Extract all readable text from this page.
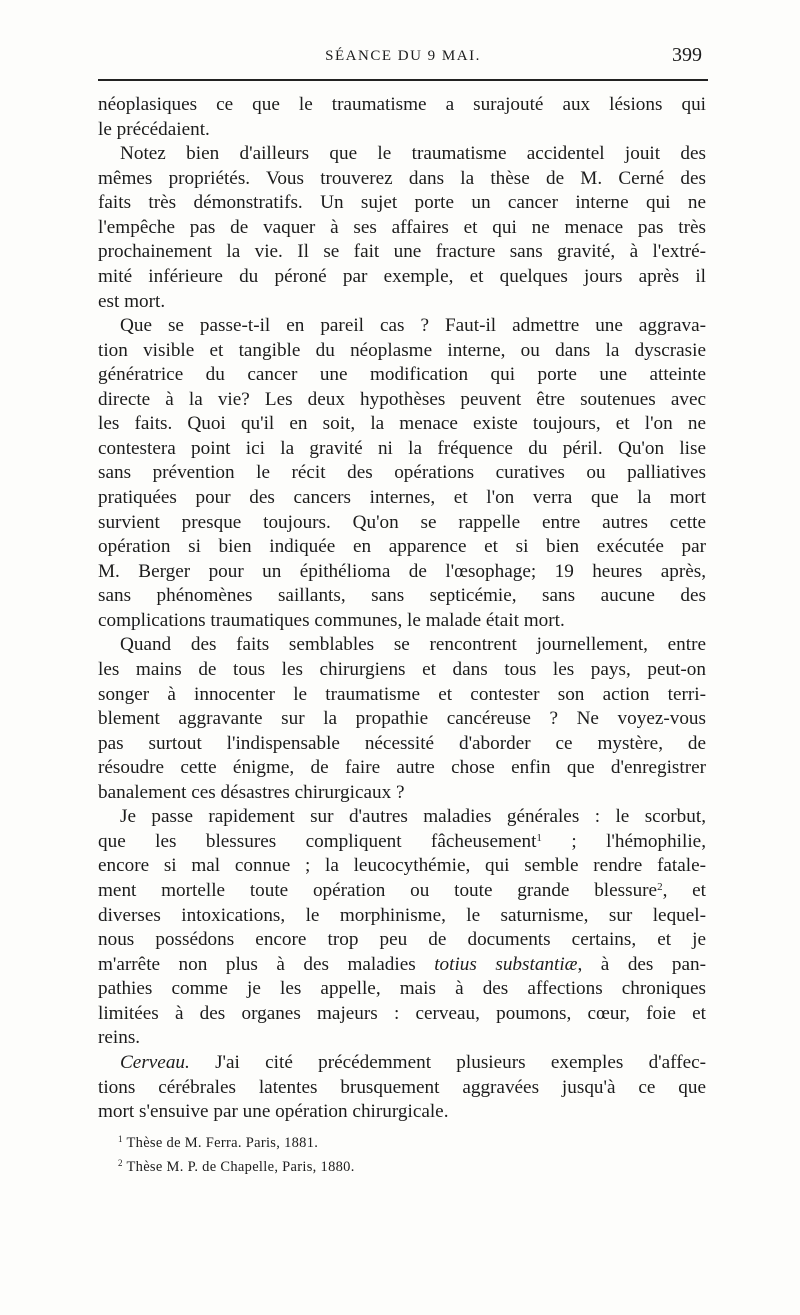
SÉANCE DU 9 MAI.	399
néoplasiques ce que le traumatisme a surajouté aux lésions qui
le précédaient.
Notez bien d'ailleurs que le traumatisme accidentel jouit des
mêmes propriétés. Vous trouverez dans la thèse de M. Cerné des
faits très démonstratifs. Un sujet porte un cancer interne qui ne
l'empêche pas de vaquer à ses affaires et qui ne menace pas très
prochainement la vie. Il se fait une fracture sans gravité, à l'extré-
mité inférieure du péroné par exemple, et quelques jours après il
est mort.
Que se passe-t-il en pareil cas ? Faut-il admettre une aggrava-
tion visible et tangible du néoplasme interne, ou dans la dyscrasie
génératrice du cancer une modification qui porte une atteinte
directe à la vie? Les deux hypothèses peuvent être soutenues avec
les faits. Quoi qu'il en soit, la menace existe toujours, et l'on ne
contestera point ici la gravité ni la fréquence du péril. Qu'on lise
sans prévention le récit des opérations curatives ou palliatives
pratiquées pour des cancers internes, et l'on verra que la mort
survient presque toujours. Qu'on se rappelle entre autres cette
opération si bien indiquée en apparence et si bien exécutée par
M. Berger pour un épithélioma de l'œsophage; 19 heures après,
sans phénomènes saillants, sans septicémie, sans aucune des
complications traumatiques communes, le malade était mort.
Quand des faits semblables se rencontrent journellement, entre
les mains de tous les chirurgiens et dans tous les pays, peut-on
songer à innocenter le traumatisme et contester son action terri-
blement aggravante sur la propathie cancéreuse ? Ne voyez-vous
pas surtout l'indispensable nécessité d'aborder ce mystère, de
résoudre cette énigme, de faire autre chose enfin que d'enregistrer
banalement ces désastres chirurgicaux ?
Je passe rapidement sur d'autres maladies générales : le scorbut,
que les blessures compliquent fâcheusement$^1$ ; l'hémophilie,
encore si mal connue ; la leucocythémie, qui semble rendre fatale-
ment mortelle toute opération ou toute grande blessure$^2$, et
diverses intoxications, le morphinisme, le saturnisme, sur lequel-
nous possédons encore trop peu de documents certains, et je
m'arrête non plus à des maladies totius substantiæ, à des pan-
pathies comme je les appelle, mais à des affections chroniques
limitées à des organes majeurs : cerveau, poumons, cœur, foie et
reins.
Cerveau. J'ai cité précédemment plusieurs exemples d'affec-
tions cérébrales latentes brusquement aggravées jusqu'à ce que
mort s'ensuive par une opération chirurgicale.
$^1$ Thèse de M. Ferra. Paris, 1881.
$^2$ Thèse M. P. de Chapelle, Paris, 1880.
